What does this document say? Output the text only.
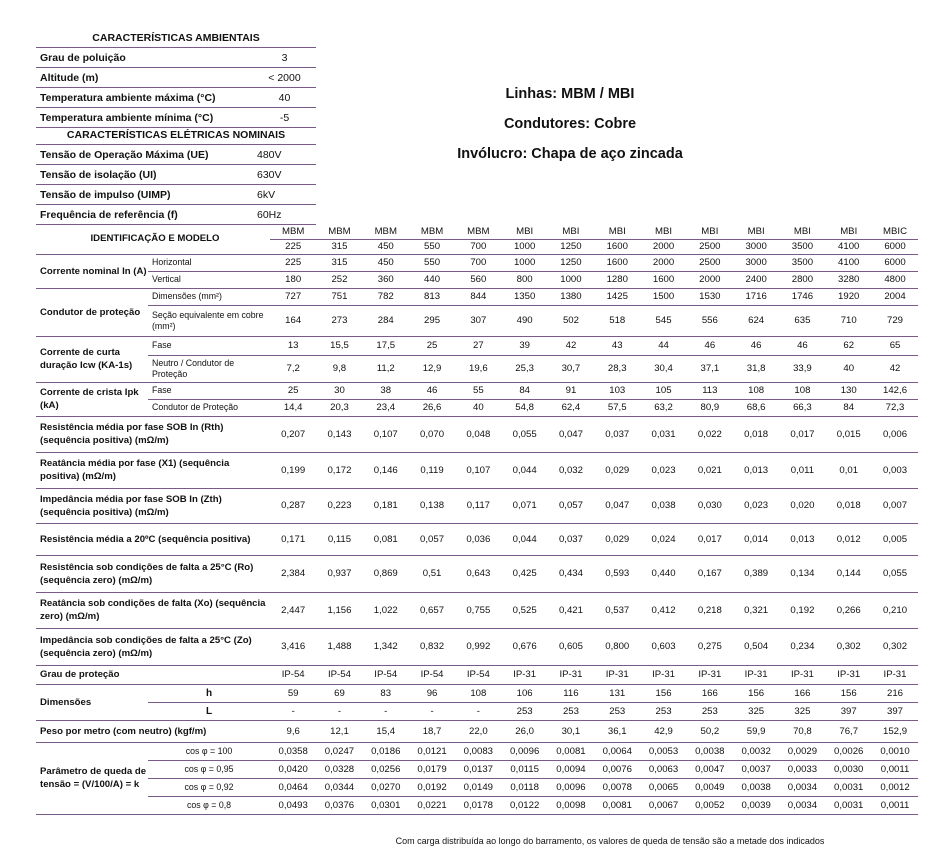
CARACTERÍSTICAS AMBIENTAIS	
Grau de poluição	3
Altitude (m)	< 2000
Temperatura ambiente máxima (°C)	40
Temperatura ambiente mínima (°C)	-5
CARACTERÍSTICAS ELÉTRICAS NOMINAIS	
Tensão de Operação Máxima (UE)	480V
Tensão de isolação (UI)	630V
Tensão de impulso (UIMP)	6kV
Frequência de referência (f)	60Hz
Linhas: MBM / MBI
Condutores: Cobre
Invólucro: Chapa de aço zincada
IDENTIFICAÇÃO E MODELO		MBM	MBM	MBM	MBM	MBM	MBI	MBI	MBI	MBI	MBI	MBI	MBI	MBI	MBIC
		225	315	450	550	700	1000	1250	1600	2000	2500	3000	3500	4100	6000
Corrente nominal In (A)	Horizontal	225	315	450	550	700	1000	1250	1600	2000	2500	3000	3500	4100	6000
	Vertical	180	252	360	440	560	800	1000	1280	1600	2000	2400	2800	3280	4800
Condutor de proteção	Dimensões (mm²)	727	751	782	813	844	1350	1380	1425	1500	1530	1716	1746	1920	2004
	Seção equivalente em cobre (mm²)	164	273	284	295	307	490	502	518	545	556	624	635	710	729
Corrente de curta duração Icw (KA-1s)	Fase	13	15,5	17,5	25	27	39	42	43	44	46	46	46	62	65
	Neutro / Condutor de Proteção	7,2	9,8	11,2	12,9	19,6	25,3	30,7	28,3	30,4	37,1	31,8	33,9	40	42
Corrente de crista Ipk (kA)	Fase	25	30	38	46	55	84	91	103	105	113	108	108	130	142,6
	Condutor de Proteção	14,4	20,3	23,4	26,6	40	54,8	62,4	57,5	63,2	80,9	68,6	66,3	84	72,3
Resistência média por fase SOB In (Rth) (sequência positiva) (mΩ/m)		0,207	0,143	0,107	0,070	0,048	0,055	0,047	0,037	0,031	0,022	0,018	0,017	0,015	0,006
Reatância média por fase (X1) (sequência positiva) (mΩ/m)		0,199	0,172	0,146	0,119	0,107	0,044	0,032	0,029	0,023	0,021	0,013	0,011	0,01	0,003
Impedância média por fase SOB In (Zth) (sequência positiva) (mΩ/m)		0,287	0,223	0,181	0,138	0,117	0,071	0,057	0,047	0,038	0,030	0,023	0,020	0,018	0,007
Resistência média a 20ºC (sequência positiva)		0,171	0,115	0,081	0,057	0,036	0,044	0,037	0,029	0,024	0,017	0,014	0,013	0,012	0,005
Resistência sob condições de falta a 25°C (Ro) (sequência zero) (mΩ/m)		2,384	0,937	0,869	0,51	0,643	0,425	0,434	0,593	0,440	0,167	0,389	0,134	0,144	0,055
Reatância sob condições de falta (Xo) (sequência zero) (mΩ/m)		2,447	1,156	1,022	0,657	0,755	0,525	0,421	0,537	0,412	0,218	0,321	0,192	0,266	0,210
Impedância sob condições de falta a 25°C (Zo) (sequência zero) (mΩ/m)		3,416	1,488	1,342	0,832	0,992	0,676	0,605	0,800	0,603	0,275	0,504	0,234	0,302	0,302
Grau de proteção		IP-54	IP-54	IP-54	IP-54	IP-54	IP-31	IP-31	IP-31	IP-31	IP-31	IP-31	IP-31	IP-31	IP-31
Dimensões	h	59	69	83	96	108	106	116	131	156	166	156	166	156	216
	L	-	-	-	-	-	253	253	253	253	253	325	325	397	397
Peso por metro (com neutro) (kgf/m)		9,6	12,1	15,4	18,7	22,0	26,0	30,1	36,1	42,9	50,2	59,9	70,8	76,7	152,9
Parâmetro de queda de tensão = (V/100/A) = k	cos φ = 100	0,0358	0,0247	0,0186	0,0121	0,0083	0,0096	0,0081	0,0064	0,0053	0,0038	0,0032	0,0029	0,0026	0,0010
	cos φ = 0,95	0,0420	0,0328	0,0256	0,0179	0,0137	0,0115	0,0094	0,0076	0,0063	0,0047	0,0037	0,0033	0,0030	0,0011
	cos φ = 0,92	0,0464	0,0344	0,0270	0,0192	0,0149	0,0118	0,0096	0,0078	0,0065	0,0049	0,0038	0,0034	0,0031	0,0012
	cos φ = 0,8	0,0493	0,0376	0,0301	0,0221	0,0178	0,0122	0,0098	0,0081	0,0067	0,0052	0,0039	0,0034	0,0031	0,0011
Com carga distribuída ao longo do barramento, os valores de queda de tensão são a metade dos indicados
